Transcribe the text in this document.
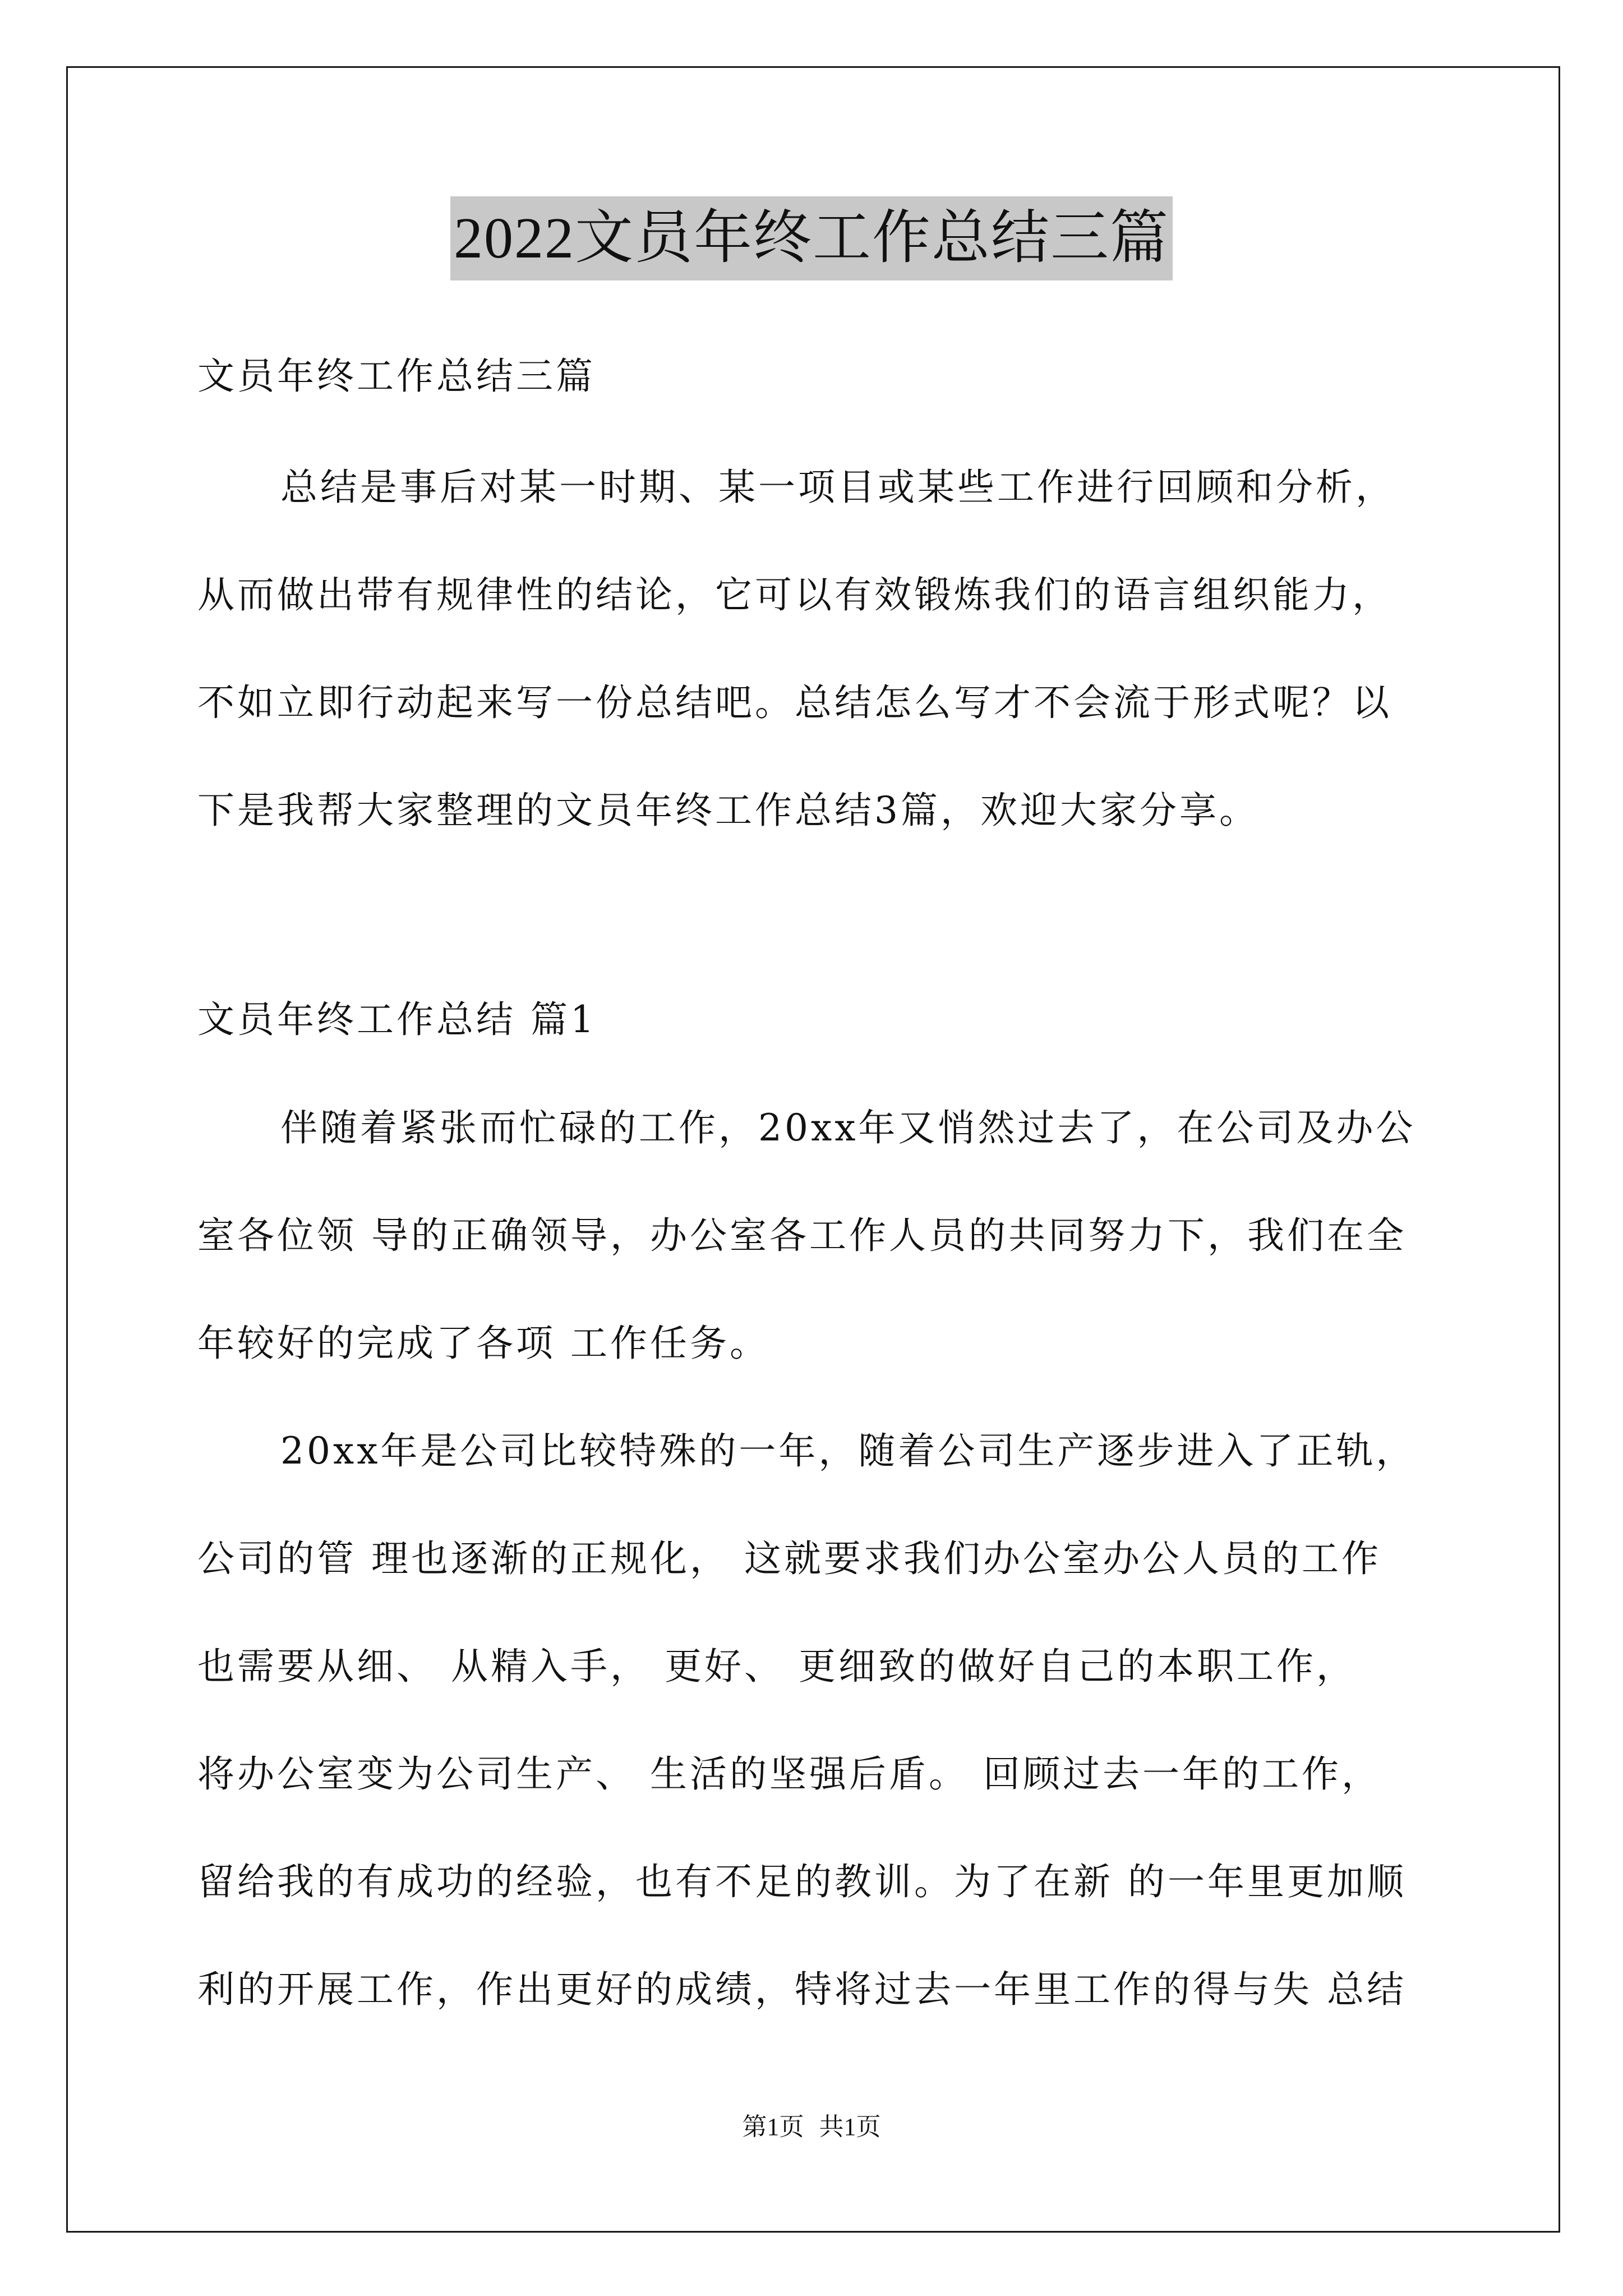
2022文员年终工作总结三篇
文员年终工作总结三篇
总结是事后对某一时期、某一项目或某些工作进行回顾和分析，
从而做出带有规律性的结论，它可以有效锻炼我们的语言组织能力，
不如立即行动起来写一份总结吧。总结怎么写才不会流于形式呢？以
下是我帮大家整理的文员年终工作总结3篇，欢迎大家分享。
文员年终工作总结 篇1
伴随着紧张而忙碌的工作，20xx年又悄然过去了，在公司及办公
室各位领 导的正确领导，办公室各工作人员的共同努力下，我们在全
年较好的完成了各项 工作任务。
20xx年是公司比较特殊的一年，随着公司生产逐步进入了正轨，
公司的管 理也逐渐的正规化， 这就要求我们办公室办公人员的工作
也需要从细、 从精入手， 更好、 更细致的做好自己的本职工作，
将办公室变为公司生产、 生活的坚强后盾。 回顾过去一年的工作，
留给我的有成功的经验，也有不足的教训。为了在新 的一年里更加顺
利的开展工作，作出更好的成绩，特将过去一年里工作的得与失 总结
第1页 共1页
